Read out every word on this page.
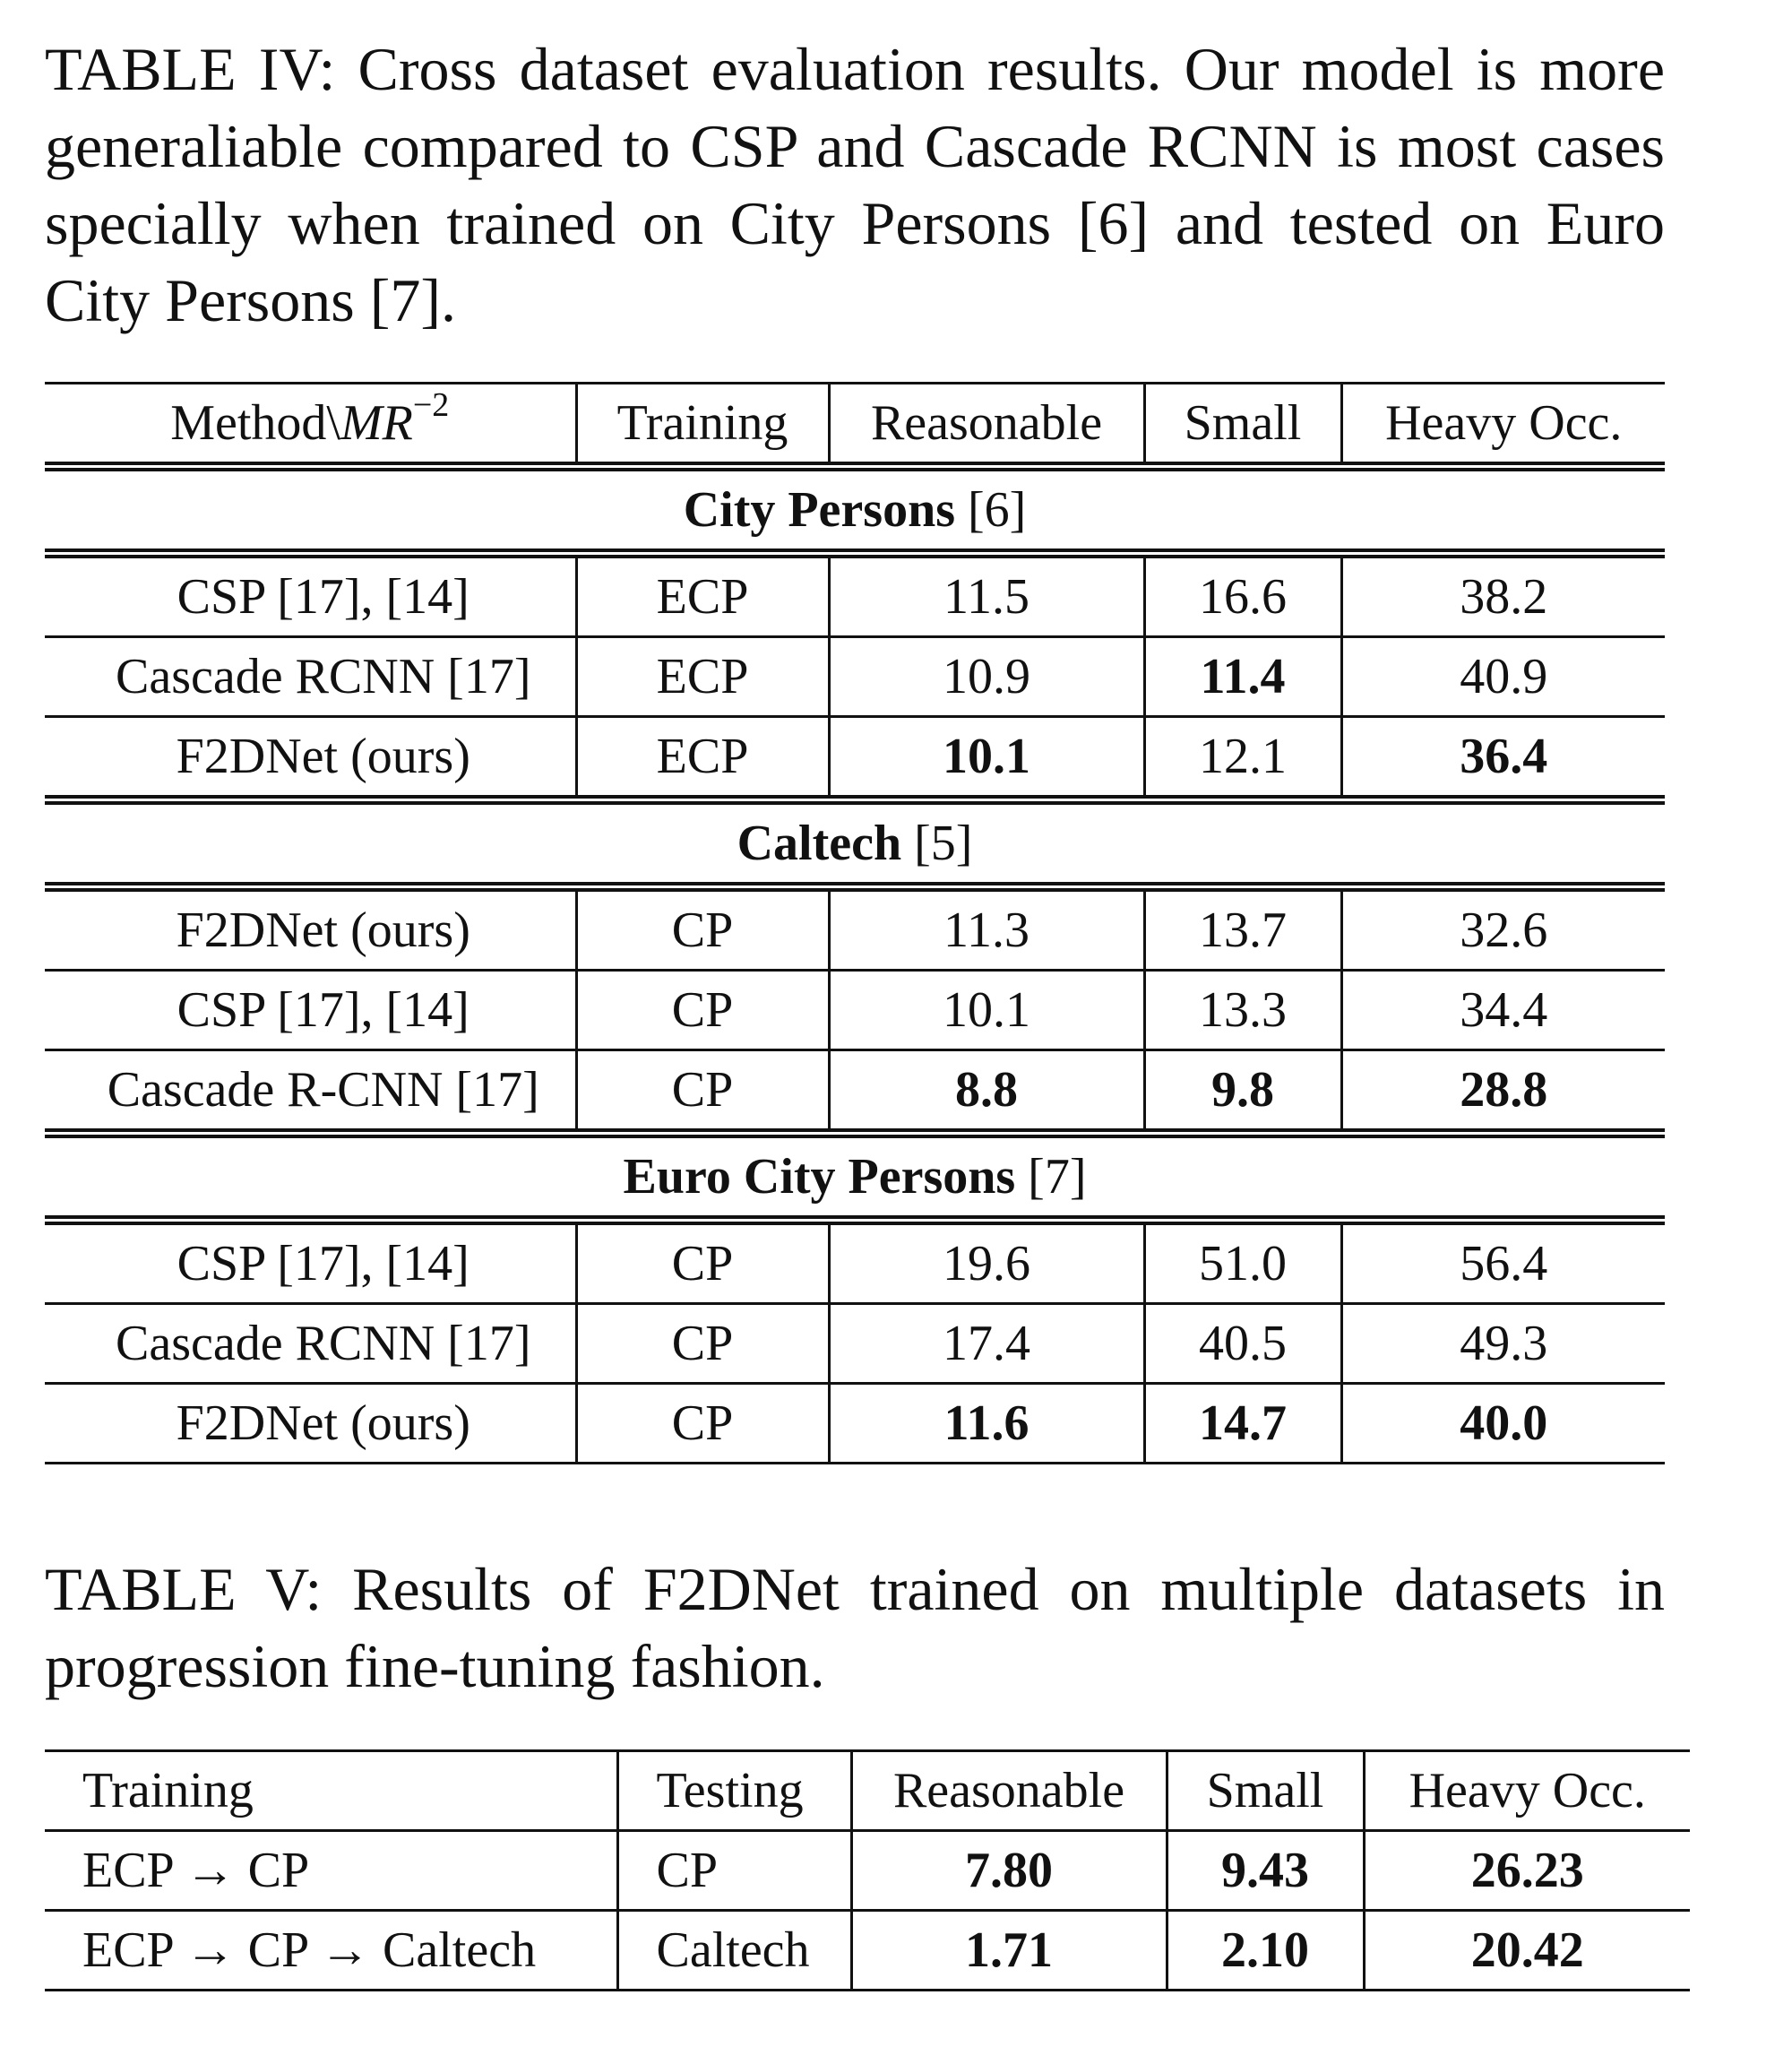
TABLE IV: Cross dataset evaluation results. Our model is more generaliable compared to CSP and Cascade RCNN is most cases specially when trained on City Persons [6] and tested on Euro City Persons [7].

$Method\backslash MR^{-2}$	Training	Reasonable	Small	Heavy Occ.
City Persons [6]				
CSP [17], [14]	ECP	11.5	16.6	38.2
Cascade RCNN [17]	ECP	10.9	11.4	40.9
F2DNet (ours)	ECP	10.1	12.1	36.4
Caltech [5]				
F2DNet (ours)	CP	11.3	13.7	32.6
CSP [17], [14]	CP	10.1	13.3	34.4
Cascade R-CNN [17]	CP	8.8	9.8	28.8
Euro City Persons [7]				
CSP [17], [14]	CP	19.6	51.0	56.4
Cascade RCNN [17]	CP	17.4	40.5	49.3
F2DNet (ours)	CP	11.6	14.7	40.0

TABLE V: Results of F2DNet trained on multiple datasets in progression fine-tuning fashion.

Training	Testing	Reasonable	Small	Heavy Occ.
ECP → CP	CP	7.80	9.43	26.23
ECP → CP → Caltech	Caltech	1.71	2.10	20.42
